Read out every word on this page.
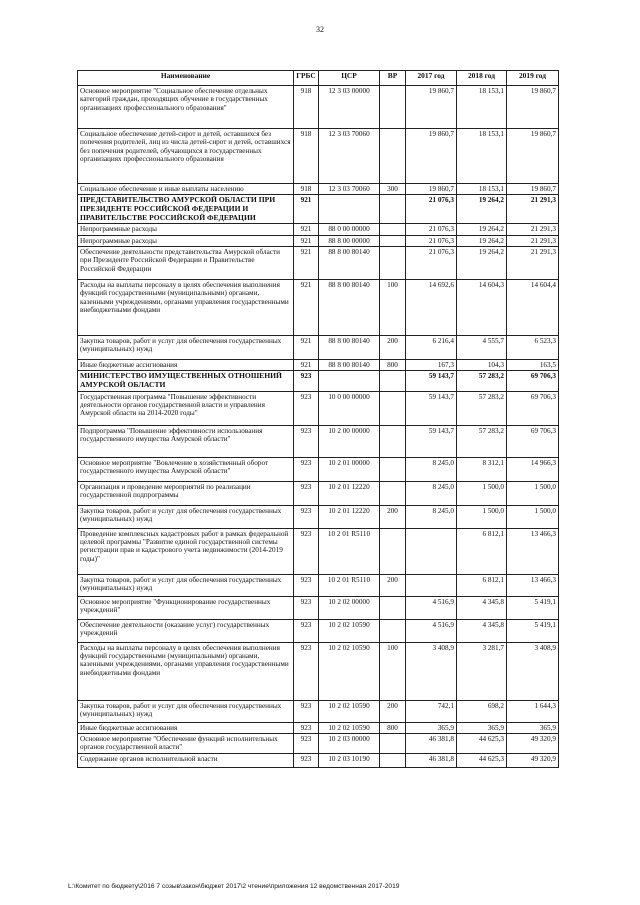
32
Наименование	ГРБС	ЦСР	ВР	2017 год	2018 год	2019 год
Основное мероприятие "Социальное обеспечение отдельных категорий граждан, проходящих обучение в государственных организациях профессионального образования"	918	12 3 03 00000		19 860,7	18 153,1	19 860,7
Социальное обеспечение детей-сирот и детей, оставшихся без попечения родителей, лиц из числа детей-сирот и детей, оставшихся без попечения родителей, обучающихся в государственных организациях профессионального образования	918	12 3 03 70060		19 860,7	18 153,1	19 860,7
Социальное обеспечение и иные выплаты населению	918	12 3 03 70060	300	19 860,7	18 153,1	19 860,7
ПРЕДСТАВИТЕЛЬСТВО АМУРСКОЙ ОБЛАСТИ ПРИ ПРЕЗИДЕНТЕ РОССИЙСКОЙ ФЕДЕРАЦИИ И ПРАВИТЕЛЬСТВЕ РОССИЙСКОЙ ФЕДЕРАЦИИ	921			21 076,3	19 264,2	21 291,3
Непрограммные расходы	921	88 0 00 00000		21 076,3	19 264,2	21 291,3
Непрограммные расходы	921	88 8 00 00000		21 076,3	19 264,2	21 291,3
Обеспечение деятельности представительства Амурской области при Президенте Российской Федерации и Правительстве Российской Федерации	921	88 8 00 80140		21 076,3	19 264,2	21 291,3
Расходы на выплаты персоналу в целях обеспечения выполнения функций государственными (муниципальными) органами, казенными учреждениями, органами управления государственными внебюджетными фондами	921	88 8 00 80140	100	14 692,6	14 604,3	14 604,4
Закупка товаров, работ и услуг для обеспечения государственных (муниципальных) нужд	921	88 8 00 80140	200	6 216,4	4 555,7	6 523,3
Иные бюджетные ассигнования	921	88 8 00 80140	800	167,3	104,3	163,5
МИНИСТЕРСТВО ИМУЩЕСТВЕННЫХ ОТНОШЕНИЙ АМУРСКОЙ ОБЛАСТИ	923			59 143,7	57 283,2	69 706,3
Государственная программа "Повышение эффективности деятельности органов государственной власти и управления Амурской области на 2014-2020 годы"	923	10 0 00 00000		59 143,7	57 283,2	69 706,3
Подпрограмма "Повышение эффективности использования государственного имущества Амурской области"	923	10 2 00 00000		59 143,7	57 283,2	69 706,3
Основное мероприятие "Вовлечение в хозяйственный оборот государственного имущества Амурской области"	923	10 2 01 00000		8 245,0	8 312,1	14 966,3
Организация и проведение мероприятий по реализации государственной подпрограммы	923	10 2 01 12220		8 245,0	1 500,0	1 500,0
Закупка товаров, работ и услуг для обеспечения государственных (муниципальных) нужд	923	10 2 01 12220	200	8 245,0	1 500,0	1 500,0
Проведение комплексных кадастровых работ в рамках федеральной целевой программы "Развитие единой государственной системы регистрации прав и кадастрового учета недвижимости (2014-2019 годы)"	923	10 2 01 R5110			6 812,1	13 466,3
Закупка товаров, работ и услуг для обеспечения государственных (муниципальных) нужд	923	10 2 01 R5110	200		6 812,1	13 466,3
Основное мероприятие "Функционирование государственных учреждений"	923	10 2 02 00000		4 516,9	4 345,8	5 419,1
Обеспечение деятельности (оказание услуг) государственных учреждений	923	10 2 02 10590		4 516,9	4 345,8	5 419,1
Расходы на выплаты персоналу в целях обеспечения выполнения функций государственными (муниципальными) органами, казенными учреждениями, органами управления государственными внебюджетными фондами	923	10 2 02 10590	100	3 408,9	3 281,7	3 408,9
Закупка товаров, работ и услуг для обеспечения государственных (муниципальных) нужд	923	10 2 02 10590	200	742,1	698,2	1 644,3
Иные бюджетные ассигнования	923	10 2 02 10590	800	365,9	365,9	365,9
Основное мероприятие "Обеспечение функций исполнительных органов государственной власти"	923	10 2 03 00000		46 381,8	44 625,3	49 320,9
Содержание органов исполнительной власти	923	10 2 03 10190		46 381,8	44 625,3	49 320,9
L:\Комитет по бюджету\2016 7 созыв\закон\бюджет 2017\2 чтение\приложения 12 ведомственная 2017-2019
